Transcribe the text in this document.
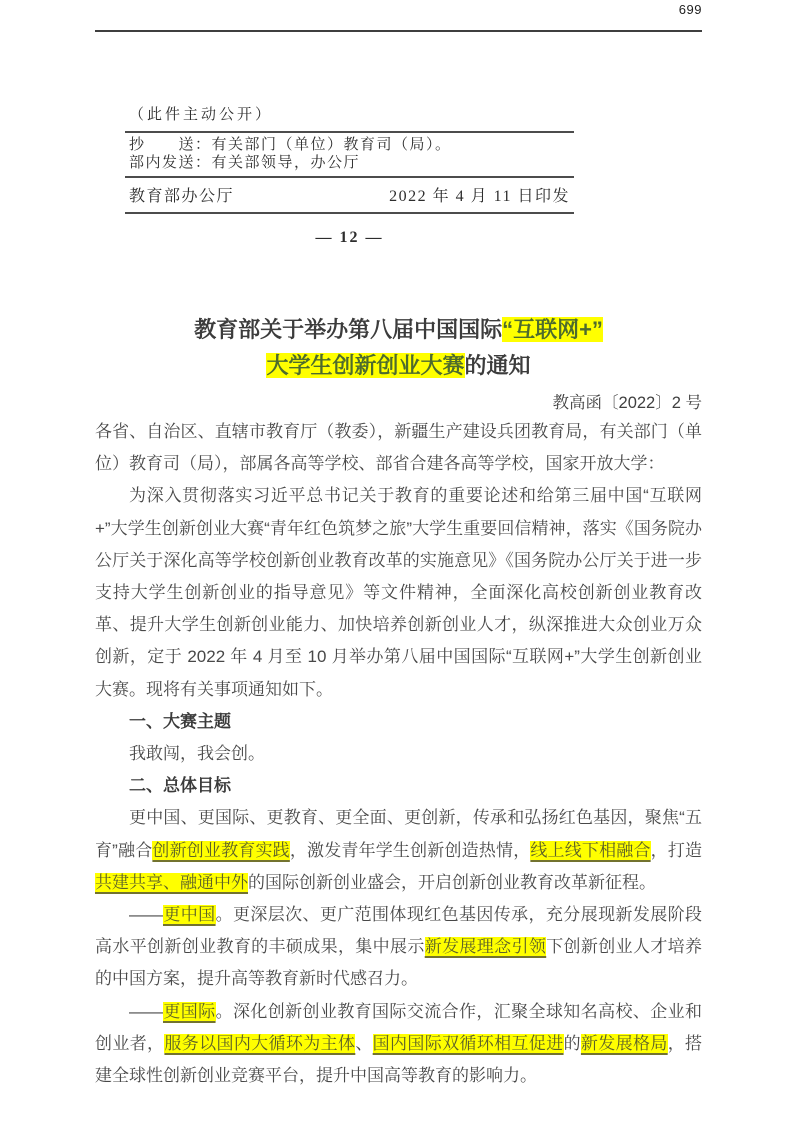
699
（此件主动公开）
抄　　送：有关部门（单位）教育司（局）。
部内发送：有关部领导，办公厅
教育部办公厅	2022 年 4 月 11 日印发
— 12 —
教育部关于举办第八届中国国际“互联网+”
大学生创新创业大赛的通知
教高函〔2022〕2 号

各省、自治区、直辖市教育厅（教委），新疆生产建设兵团教育局，有关部门（单位）教育司（局），部属各高等学校、部省合建各高等学校，国家开放大学：

为深入贯彻落实习近平总书记关于教育的重要论述和给第三届中国“互联网+”大学生创新创业大赛“青年红色筑梦之旅”大学生重要回信精神，落实《国务院办公厅关于深化高等学校创新创业教育改革的实施意见》《国务院办公厅关于进一步支持大学生创新创业的指导意见》等文件精神，全面深化高校创新创业教育改革、提升大学生创新创业能力、加快培养创新创业人才，纵深推进大众创业万众创新，定于 2022 年 4 月至 10 月举办第八届中国国际“互联网+”大学生创新创业大赛。现将有关事项通知如下。

一、大赛主题

我敢闯，我会创。

二、总体目标

更中国、更国际、更教育、更全面、更创新，传承和弘扬红色基因，聚焦“五育”融合创新创业教育实践，激发青年学生创新创造热情，线上线下相融合，打造共建共享、融通中外的国际创新创业盛会，开启创新创业教育改革新征程。

——更中国。更深层次、更广范围体现红色基因传承，充分展现新发展阶段高水平创新创业教育的丰硕成果，集中展示新发展理念引领下创新创业人才培养的中国方案，提升高等教育新时代感召力。

——更国际。深化创新创业教育国际交流合作，汇聚全球知名高校、企业和创业者，服务以国内大循环为主体、国内国际双循环相互促进的新发展格局，搭建全球性创新创业竞赛平台，提升中国高等教育的影响力。
